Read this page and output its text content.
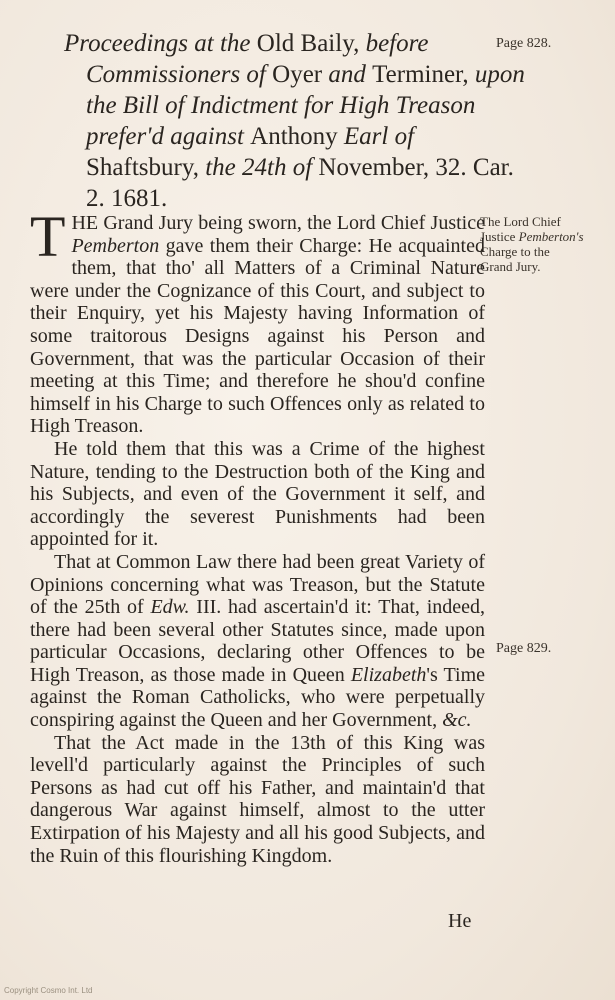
Proceedings at the Old Baily, before Commissioners of Oyer and Terminer, upon the Bill of Indictment for High Treason prefer'd against Anthony Earl of Shaftsbury, the 24th of November, 32. Car. 2. 1681.
Page 828.
The Lord Chief
Justice Pemberton's
Charge to the
Grand Jury.
Page 829.

THE Grand Jury being sworn, the Lord Chief Justice Pemberton gave them their Charge: He acquainted them, that tho' all Matters of a Criminal Nature were under the Cognizance of this Court, and subject to their Enquiry, yet his Majesty having Information of some traitorous Designs against his Person and Government, that was the particular Occasion of their meeting at this Time; and therefore he shou'd confine himself in his Charge to such Offences only as related to High Treason.

He told them that this was a Crime of the highest Nature, tending to the Destruction both of the King and his Subjects, and even of the Government it self, and accordingly the severest Punishments had been appointed for it.

That at Common Law there had been great Variety of Opinions concerning what was Treason, but the Statute of the 25th of Edw. III. had ascertain'd it: That, indeed, there had been several other Statutes since, made upon particular Occasions, declaring other Offences to be High Treason, as those made in Queen Elizabeth's Time against the Roman Catholicks, who were perpetually conspiring against the Queen and her Government, &c.

That the Act made in the 13th of this King was levell'd particularly against the Principles of such Persons as had cut off his Father, and maintain'd that dangerous War against himself, almost to the utter Extirpation of his Majesty and all his good Subjects, and the Ruin of this flourishing Kingdom.

He
Copyright Cosmo Int. Ltd
